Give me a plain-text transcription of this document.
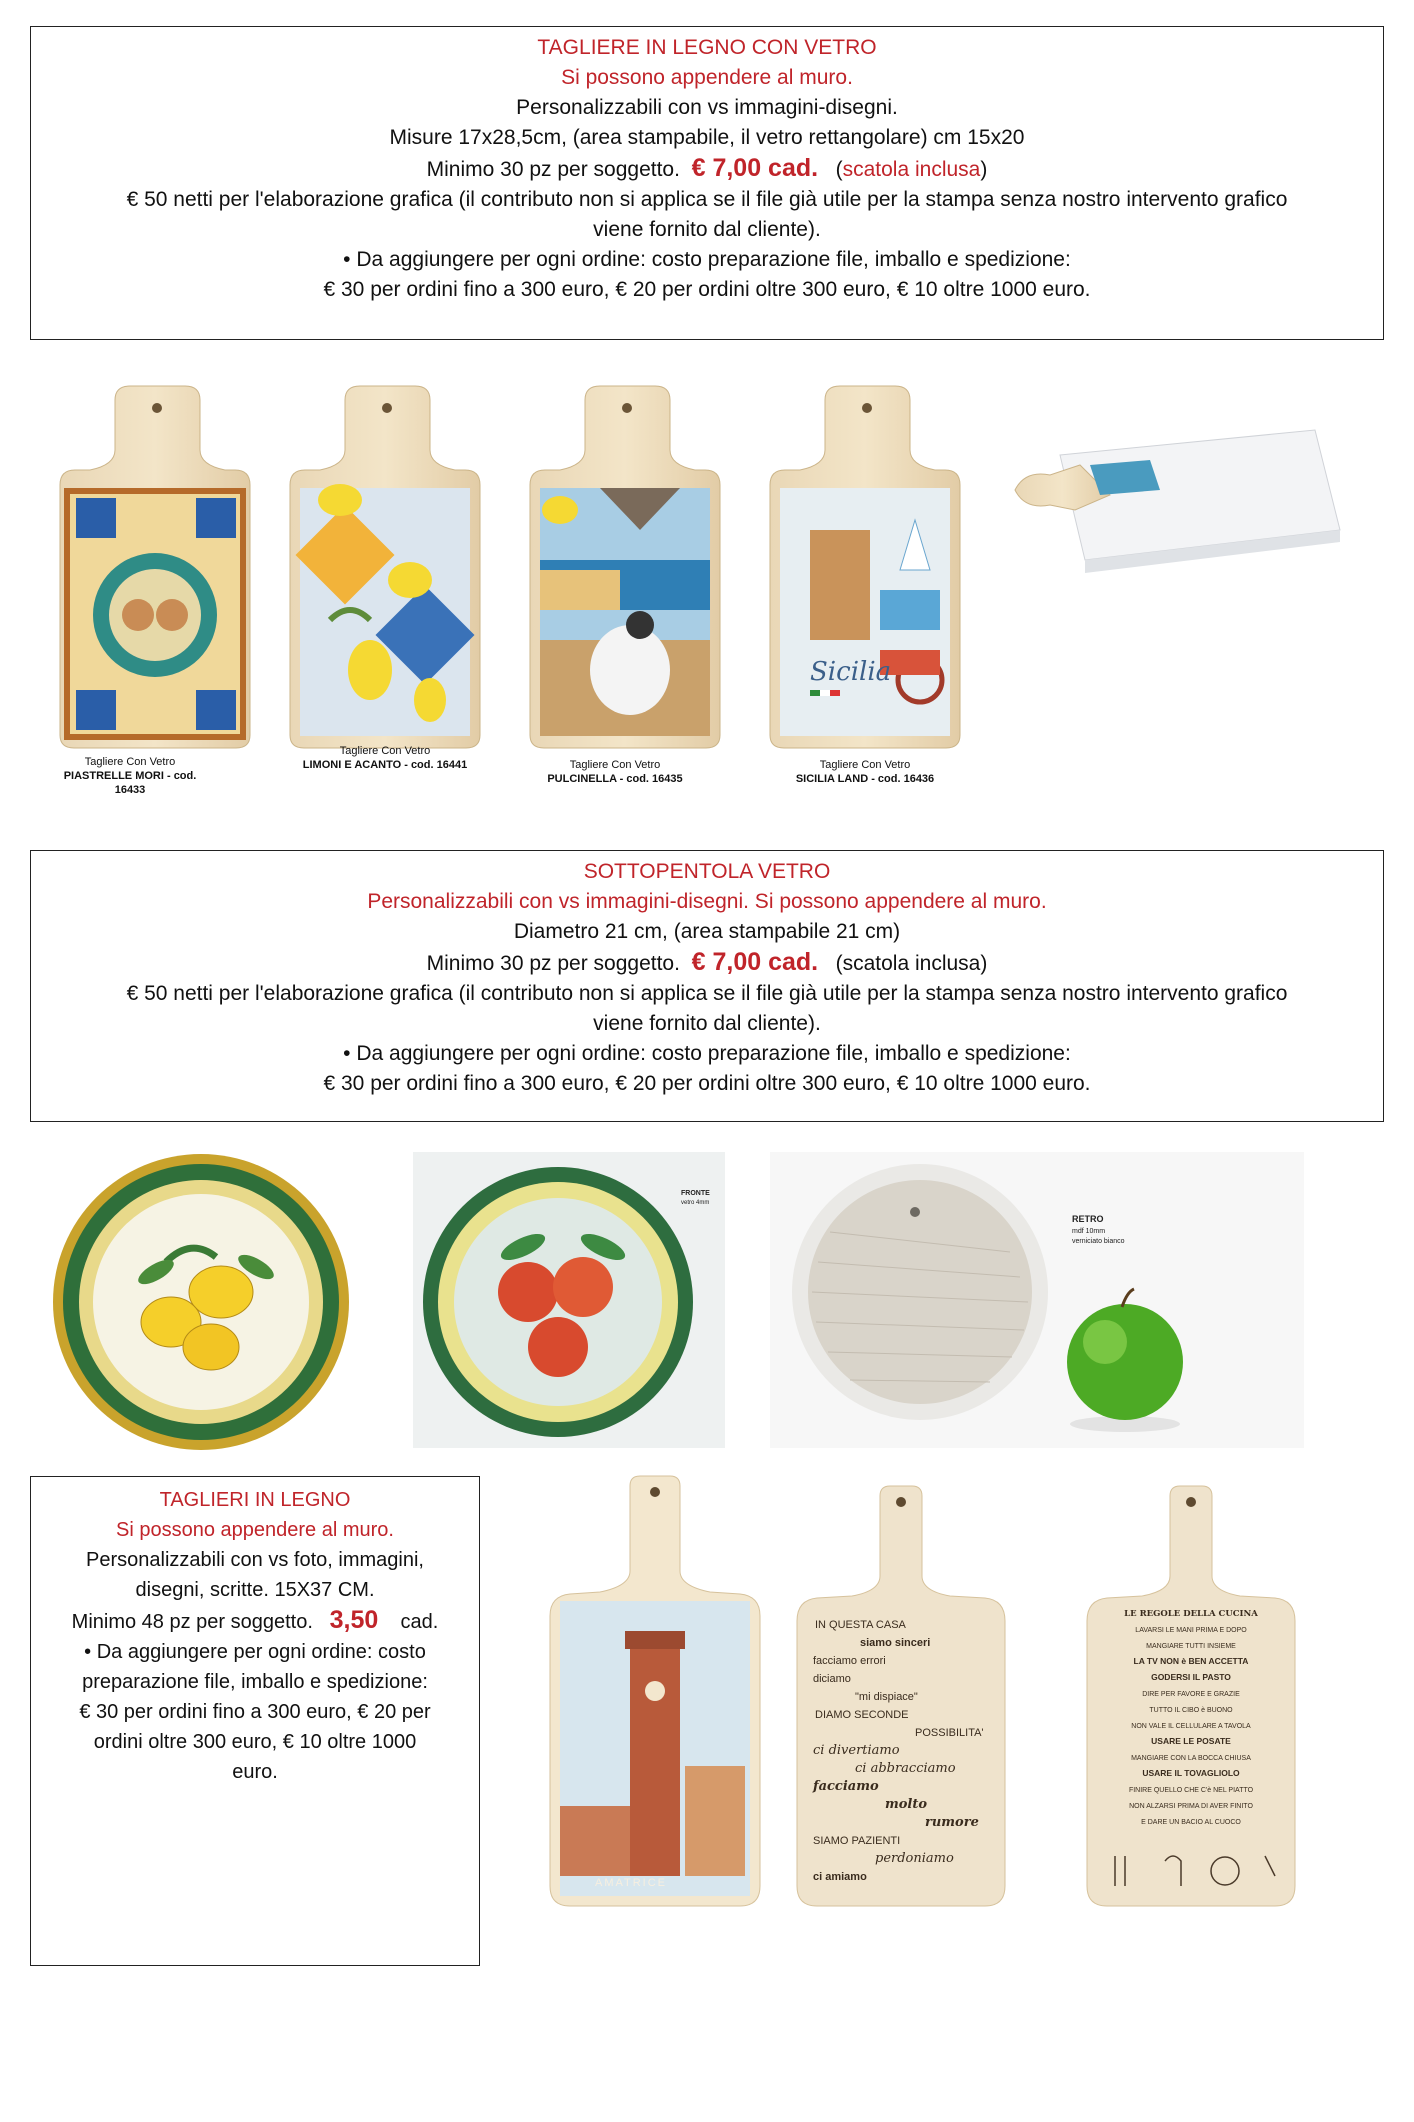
TAGLIERE IN LEGNO CON VETRO
Si possono appendere al muro.
Personalizzabili con vs immagini-disegni.
Misure 17x28,5cm, (area stampabile, il vetro rettangolare) cm 15x20
Minimo 30 pz per soggetto. € 7,00 cad. (scatola inclusa)
€ 50 netti per l'elaborazione grafica (il contributo non si applica se il file già utile per la stampa senza nostro intervento grafico
viene fornito dal cliente).
• Da aggiungere per ogni ordine: costo preparazione file, imballo e spedizione:
€ 30 per ordini fino a 300 euro, € 20 per ordini oltre 300 euro, € 10 oltre 1000 euro.
Sicilia
Tagliere Con Vetro
PIASTRELLE MORI - cod. 16433
Tagliere Con Vetro
LIMONI E ACANTO - cod. 16441	Tagliere Con Vetro
PULCINELLA - cod. 16435
Tagliere Con Vetro
SICILIA LAND - cod. 16436
SOTTOPENTOLA VETRO
Personalizzabili con vs immagini-disegni. Si possono appendere al muro.
Diametro 21 cm, (area stampabile 21 cm)
Minimo 30 pz per soggetto. € 7,00 cad. (scatola inclusa)
€ 50 netti per l'elaborazione grafica (il contributo non si applica se il file già utile per la stampa senza nostro intervento grafico
viene fornito dal cliente).
• Da aggiungere per ogni ordine: costo preparazione file, imballo e spedizione:
€ 30 per ordini fino a 300 euro, € 20 per ordini oltre 300 euro, € 10 oltre 1000 euro.
FRONTE
vetro 4mm
RETRO
mdf 10mm
verniciato bianco
TAGLIERI IN LEGNO
Si possono appendere al muro.
Personalizzabili con vs foto, immagini,
disegni, scritte. 15X37 CM.
Minimo 48 pz per soggetto. 3,50 cad.
• Da aggiungere per ogni ordine: costo
preparazione file, imballo e spedizione:
€ 30 per ordini fino a 300 euro, € 20 per
ordini oltre 300 euro, € 10 oltre 1000
euro.
AMATRICE
IN QUESTA CASA
siamo sinceri
facciamo errori
diciamo
"mi dispiace"
DIAMO SECONDE
POSSIBILITA'
ci divertiamo
ci abbracciamo
facciamo
molto
rumore
SIAMO PAZIENTI
perdoniamo
ci amiamo
LE REGOLE DELLA CUCINA
LAVARSI LE MANI PRIMA E DOPO
MANGIARE TUTTI INSIEME
LA TV NON è BEN ACCETTA
GODERSI IL PASTO
DIRE PER FAVORE E GRAZIE
TUTTO IL CIBO è BUONO
NON VALE IL CELLULARE A TAVOLA
USARE LE POSATE
MANGIARE CON LA BOCCA CHIUSA
USARE IL TOVAGLIOLO
FINIRE QUELLO CHE C'è NEL PIATTO
NON ALZARSI PRIMA DI AVER FINITO
E DARE UN BACIO AL CUOCO
